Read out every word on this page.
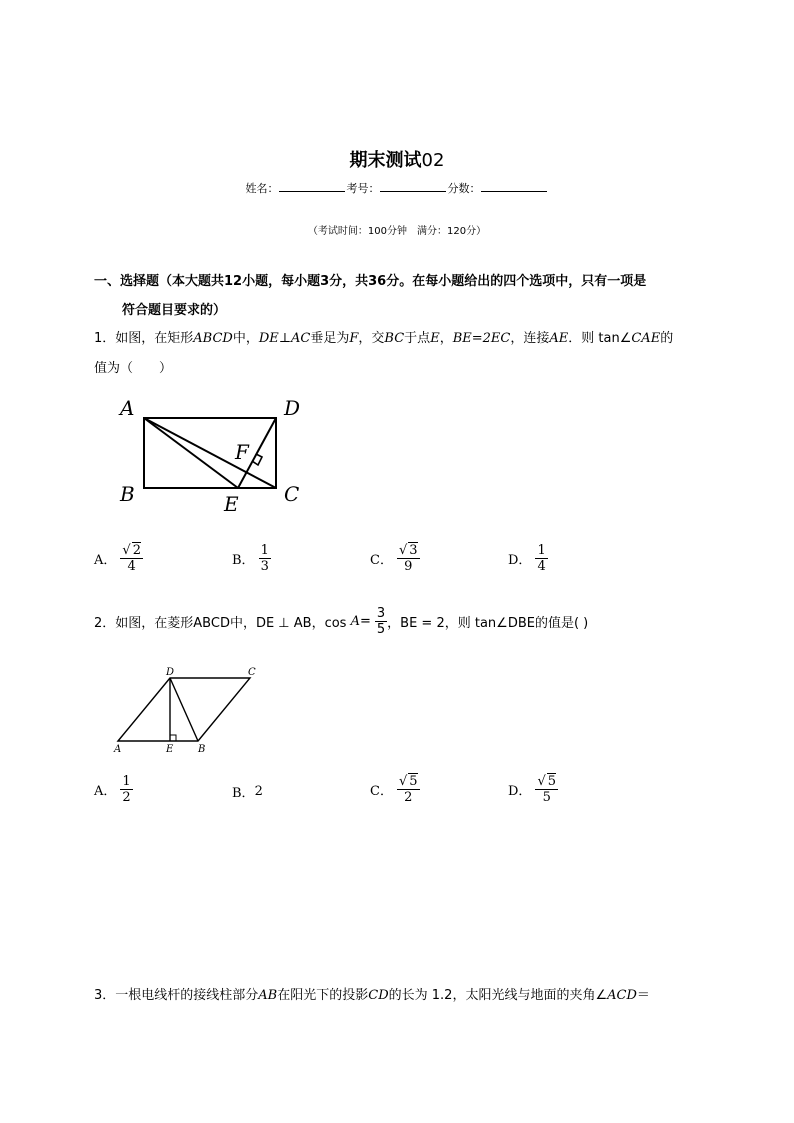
期末测试02
姓名：	考号：	分数：
（考试时间：100分钟　满分：120分）
一、选择题（本大题共12小题，每小题3分，共36分。在每小题给出的四个选项中，只有一项是
符合题目要求的）
1．如图，在矩形ABCD中，DE⊥AC垂足为F，交BC于点E，BE=2EC，连接AE．则 tan∠CAE的
值为（　　）
A	D
B	C
E
F
A． $\frac{√ 2}{4}$	B． $\frac{1}{3}$	C． $\frac{√ 3}{9}$	D． $\frac{1}{4}$
2． 如图，在菱形ABCD中，DE ⊥ AB，cos
$A = \frac{3}{5}$ ，BE = 2，则 tan∠DBE的值是( )
D	C
A	E B
A． $\frac{1}{2}$	B． 2	C． $\frac{√ 5}{2}$	D． $\frac{√ 5}{5}$
3．一根电线杆的接线柱部分AB在阳光下的投影CD的长为 1.2，太阳光线与地面的夹角∠ACD＝
